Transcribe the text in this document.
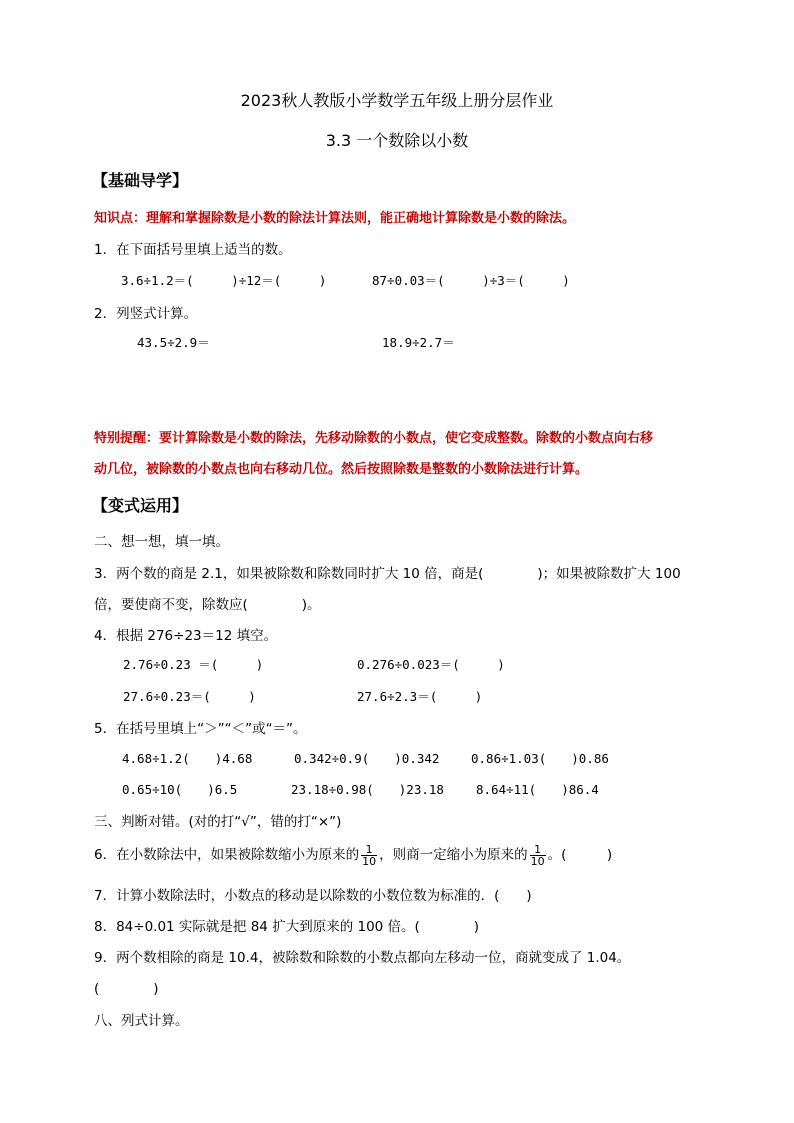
2023秋人教版小学数学五年级上册分层作业
3.3 一个数除以小数
【基础导学】
知识点：理解和掌握除数是小数的除法计算法则，能正确地计算除数是小数的除法。
1．在下面括号里填上适当的数。
3.6÷1.2＝(　　　)÷12＝(　　　)	87÷0.03＝(　　　)÷3＝(　　　)
2．列竖式计算。
43.5÷2.9＝	18.9÷2.7＝
特别提醒：要计算除数是小数的除法，先移动除数的小数点，使它变成整数。除数的小数点向右移
动几位，被除数的小数点也向右移动几位。然后按照除数是整数的小数除法进行计算。
【变式运用】
二、想一想，填一填。
3．两个数的商是 2.1，如果被除数和除数同时扩大 10 倍，商是(　　　　)；如果被除数扩大 100
倍，要使商不变，除数应(　　　　)。
4．根据 276÷23＝12 填空。
2.76÷0.23 ＝(　　　)	0.276÷0.023＝(　　　)
27.6÷0.23＝(　　　)	27.6÷2.3＝(　　　)
5．在括号里填上“＞”“＜”或“＝”。
4.68÷1.2(　　)4.68	0.342÷0.9(　　)0.342	0.86÷1.03(　　)0.86
0.65÷10(　　)6.5	23.18÷0.98(　　)23.18	8.64÷11(　　)86.4
三、判断对错。(对的打“√”，错的打“×”)
6．在小数除法中，如果被除数缩小为原来的 $\frac{1}{10}$ ，则商一定缩小为原来的 $\frac{1}{10}$ 。(　　　)
7．计算小数除法时，小数点的移动是以除数的小数位数为标准的．(　　)
8．84÷0.01 实际就是把 84 扩大到原来的 100 倍。(　　　　)
9．两个数相除的商是 10.4，被除数和除数的小数点都向左移动一位，商就变成了 1.04。
(　　　　)
八、列式计算。
